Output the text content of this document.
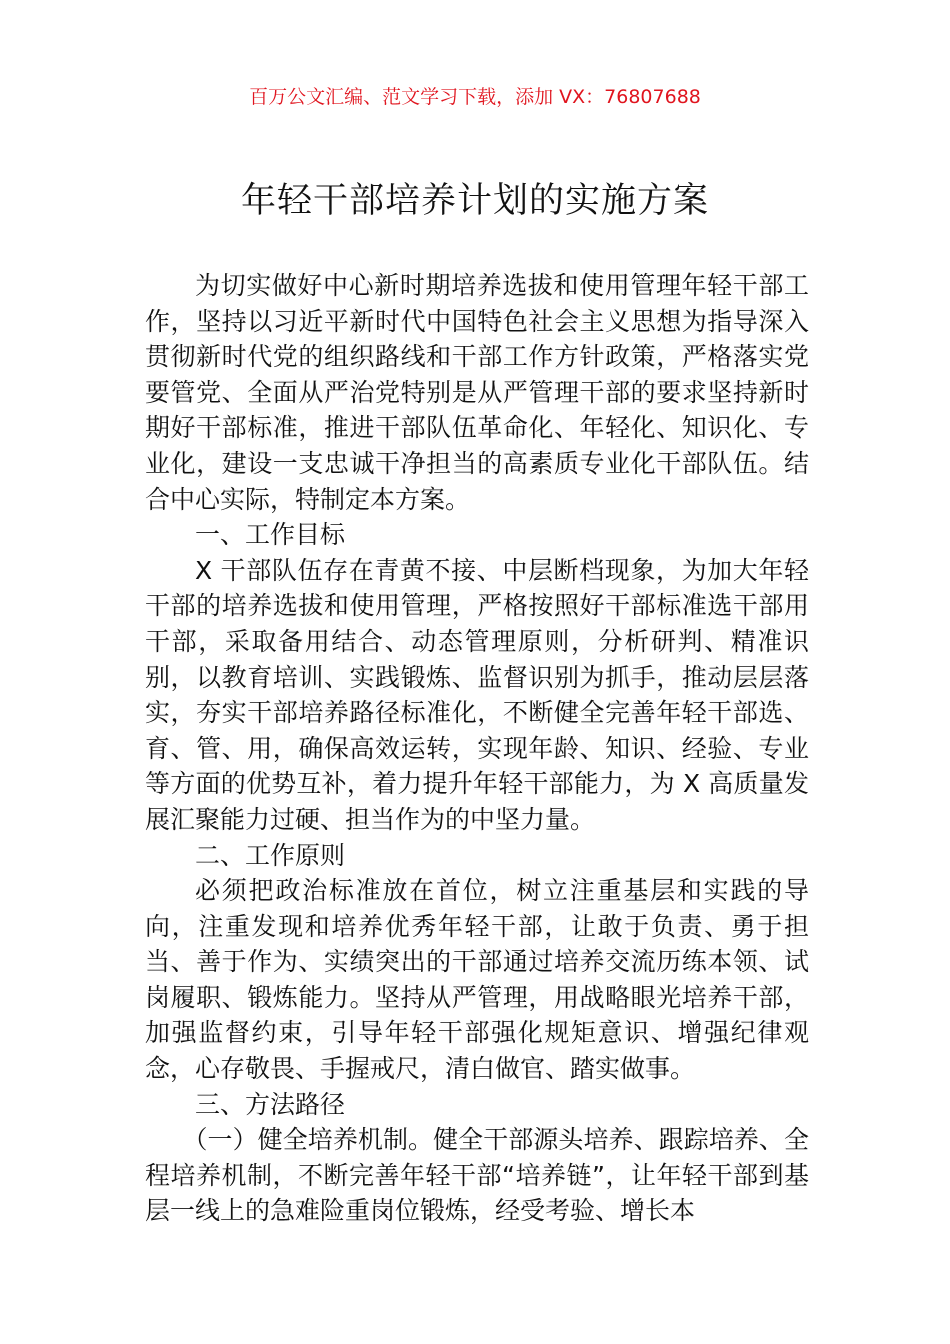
百万公文汇编、范文学习下载，添加 VX：76807688
年轻干部培养计划的实施方案

为切实做好中心新时期培养选拔和使用管理年轻干部工作，坚持以习近平新时代中国特色社会主义思想为指导深入贯彻新时代党的组织路线和干部工作方针政策，严格落实党要管党、全面从严治党特别是从严管理干部的要求坚持新时期好干部标准，推进干部队伍革命化、年轻化、知识化、专业化，建设一支忠诚干净担当的高素质专业化干部队伍。结合中心实际，特制定本方案。

一、工作目标

X 干部队伍存在青黄不接、中层断档现象，为加大年轻干部的培养选拔和使用管理，严格按照好干部标准选干部用干部，采取备用结合、动态管理原则，分析研判、精准识别，以教育培训、实践锻炼、监督识别为抓手，推动层层落实，夯实干部培养路径标准化，不断健全完善年轻干部选、育、管、用，确保高效运转，实现年龄、知识、经验、专业等方面的优势互补，着力提升年轻干部能力，为 X 高质量发展汇聚能力过硬、担当作为的中坚力量。

二、工作原则

必须把政治标准放在首位，树立注重基层和实践的导向，注重发现和培养优秀年轻干部，让敢于负责、勇于担当、善于作为、实绩突出的干部通过培养交流历练本领、试岗履职、锻炼能力。坚持从严管理，用战略眼光培养干部，加强监督约束，引导年轻干部强化规矩意识、增强纪律观念，心存敬畏、手握戒尺，清白做官、踏实做事。

三、方法路径

（一）健全培养机制。健全干部源头培养、跟踪培养、全程培养机制，不断完善年轻干部“培养链”，让年轻干部到基层一线上的急难险重岗位锻炼，经受考验、增长本
